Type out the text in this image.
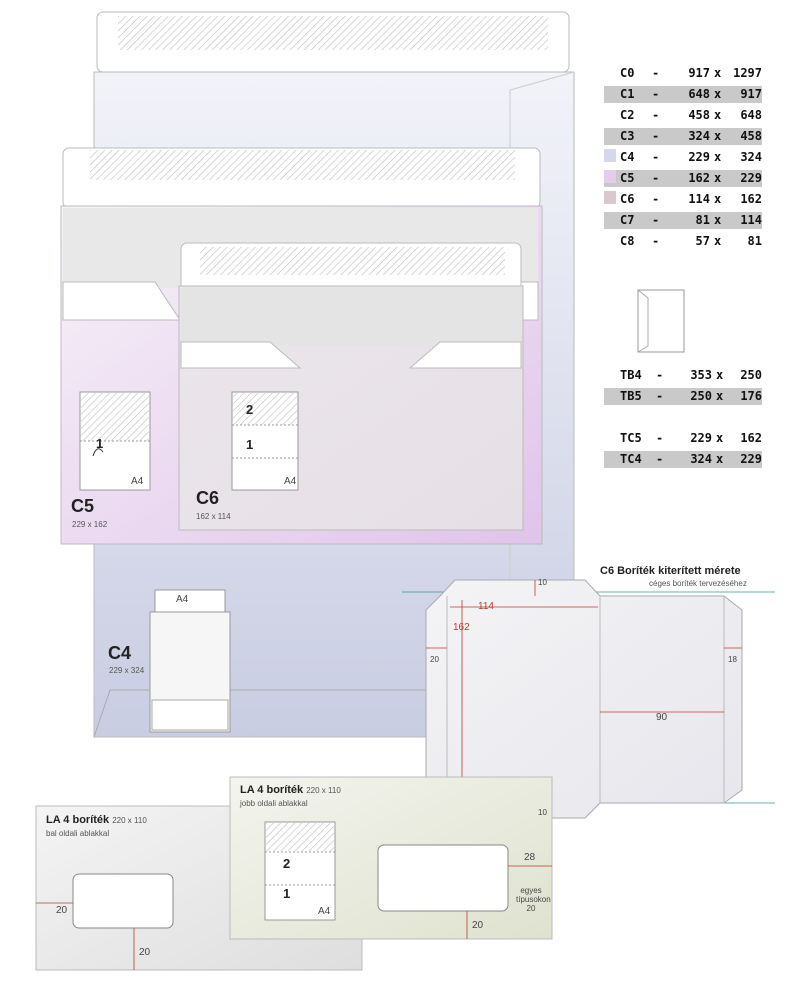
C0 -	917 x 1297
C1 -	648 x	917
C2 -	458 x	648
C3 -	324 x	458
C4 -	229 x	324
C5 -	162 x	229
C6 -	114 x	162
C7 -	81 x	114
C8 -	57 x	81
TB4 -	353 x	250
TB5 -	250 x	176
TC5 -	229 x	162
TC4 -	324 x	229
C5
229 x 162
C6
162 x 114
C4
229 x 324
A4	A4
A4
A4
1
2
1
2
1
C6 Boríték kiterített mérete
céges boríték tervezéséhez
114
162
10
10
20	18
90
LA 4 boríték 220 x 110
bal oldali ablakkal
20
20
LA 4 boríték 220 x 110
jobb oldali ablakkal
28
20
egyes
típusokon
20
